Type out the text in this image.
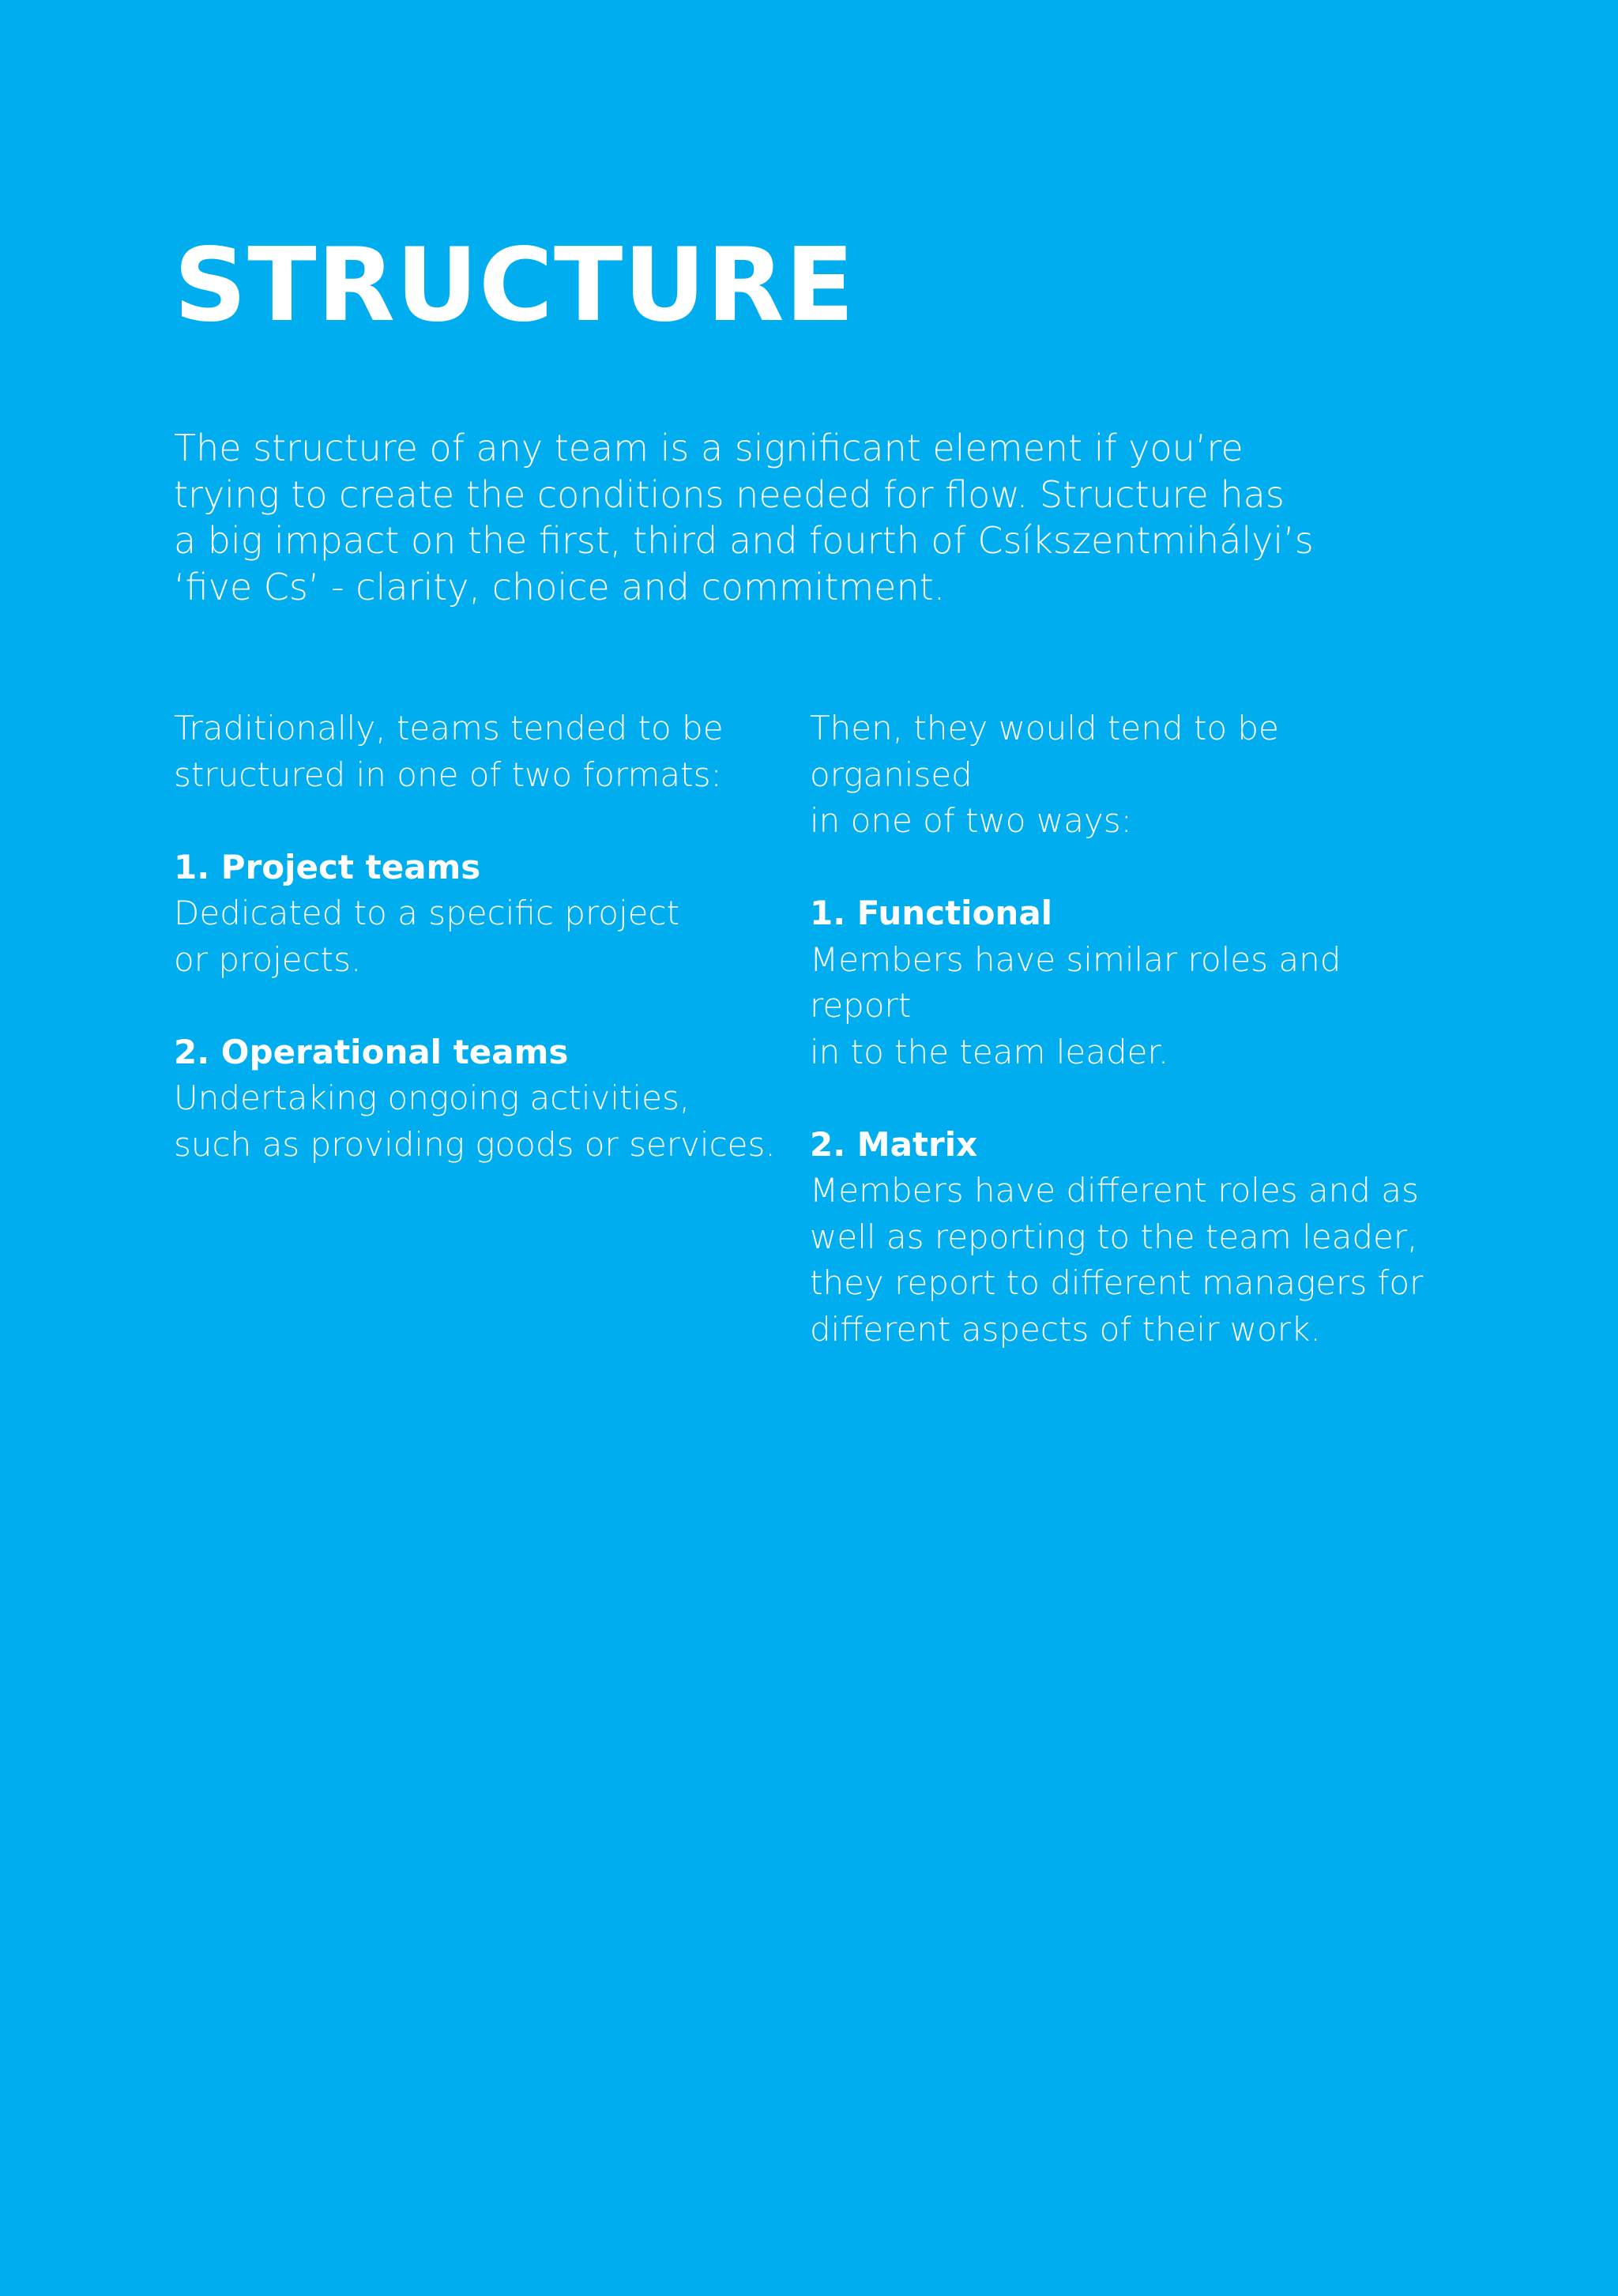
STRUCTURE

The structure of any team is a significant element if you’re
trying to create the conditions needed for flow. Structure has
a big impact on the first, third and fourth of Csíkszentmihályi’s
‘five Cs’ - clarity, choice and commitment.

Traditionally, teams tended to be
structured in one of two formats:

1. Project teams

Dedicated to a specific project
or projects.

2. Operational teams

Undertaking ongoing activities,
such as providing goods or services.

Then, they would tend to be organised
in one of two ways:

1. Functional

Members have similar roles and report
in to the team leader.

2. Matrix

Members have different roles and as
well as reporting to the team leader,
they report to different managers for
different aspects of their work.
